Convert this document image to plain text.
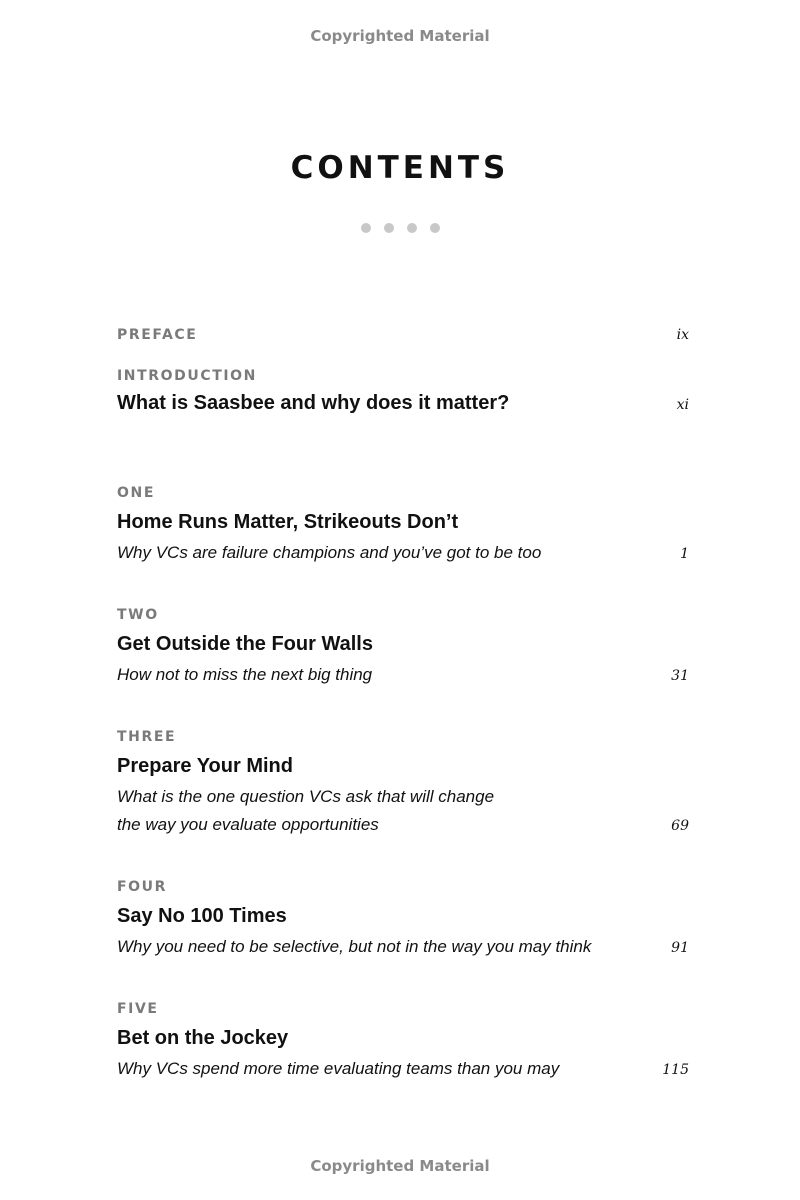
Copyrighted Material
CONTENTS
PREFACE	ix
INTRODUCTION
What is Saasbee and why does it matter?	xi
ONE
Home Runs Matter, Strikeouts Don’t
Why VCs are failure champions and you’ve got to be too	1
TWO
Get Outside the Four Walls
How not to miss the next big thing	31
THREE
Prepare Your Mind
What is the one question VCs ask that will change
the way you evaluate opportunities	69
FOUR
Say No 100 Times
Why you need to be selective, but not in the way you may think	91
FIVE
Bet on the Jockey
Why VCs spend more time evaluating teams than you may	115
Copyrighted Material
